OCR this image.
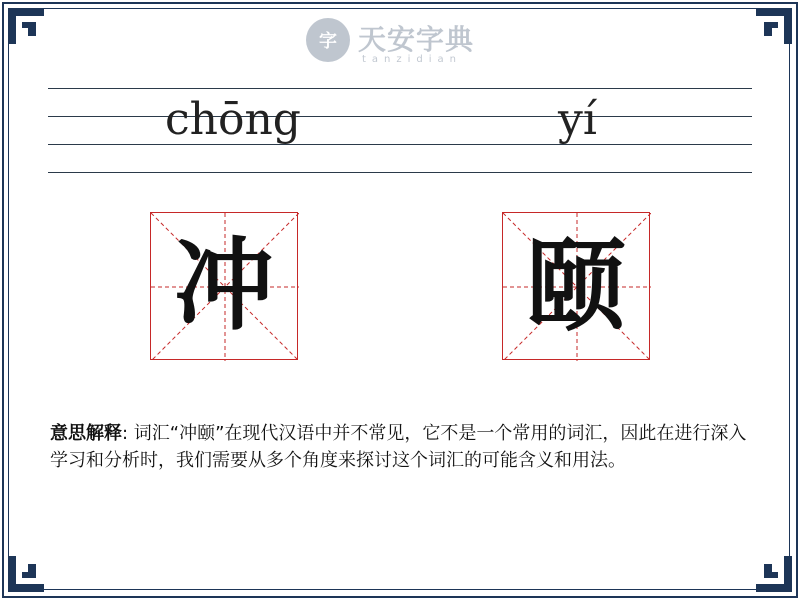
字 天安字典
tanzidian
chōng	yí
冲	颐
意思解释: 词汇“冲颐”在现代汉语中并不常见，它不是一个常用的词汇，因此在进行深入学习和分析时，我们需要从多个角度来探讨这个词汇的可能含义和用法。
